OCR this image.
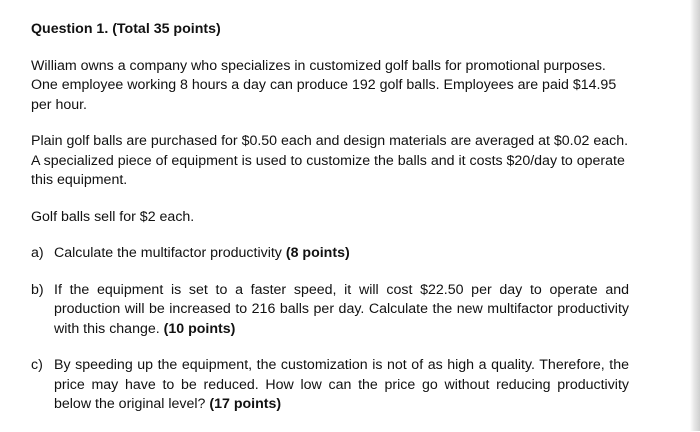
Question 1. (Total 35 points)
William owns a company who specializes in customized golf balls for promotional purposes. One employee working 8 hours a day can produce 192 golf balls. Employees are paid $14.95 per hour.
Plain golf balls are purchased for $0.50 each and design materials are averaged at $0.02 each. A specialized piece of equipment is used to customize the balls and it costs $20/day to operate this equipment.
Golf balls sell for $2 each.
a) Calculate the multifactor productivity (8 points)
b) If the equipment is set to a faster speed, it will cost $22.50 per day to operate and production will be increased to 216 balls per day. Calculate the new multifactor productivity with this change. (10 points)
c) By speeding up the equipment, the customization is not of as high a quality. Therefore, the price may have to be reduced. How low can the price go without reducing productivity below the original level? (17 points)
